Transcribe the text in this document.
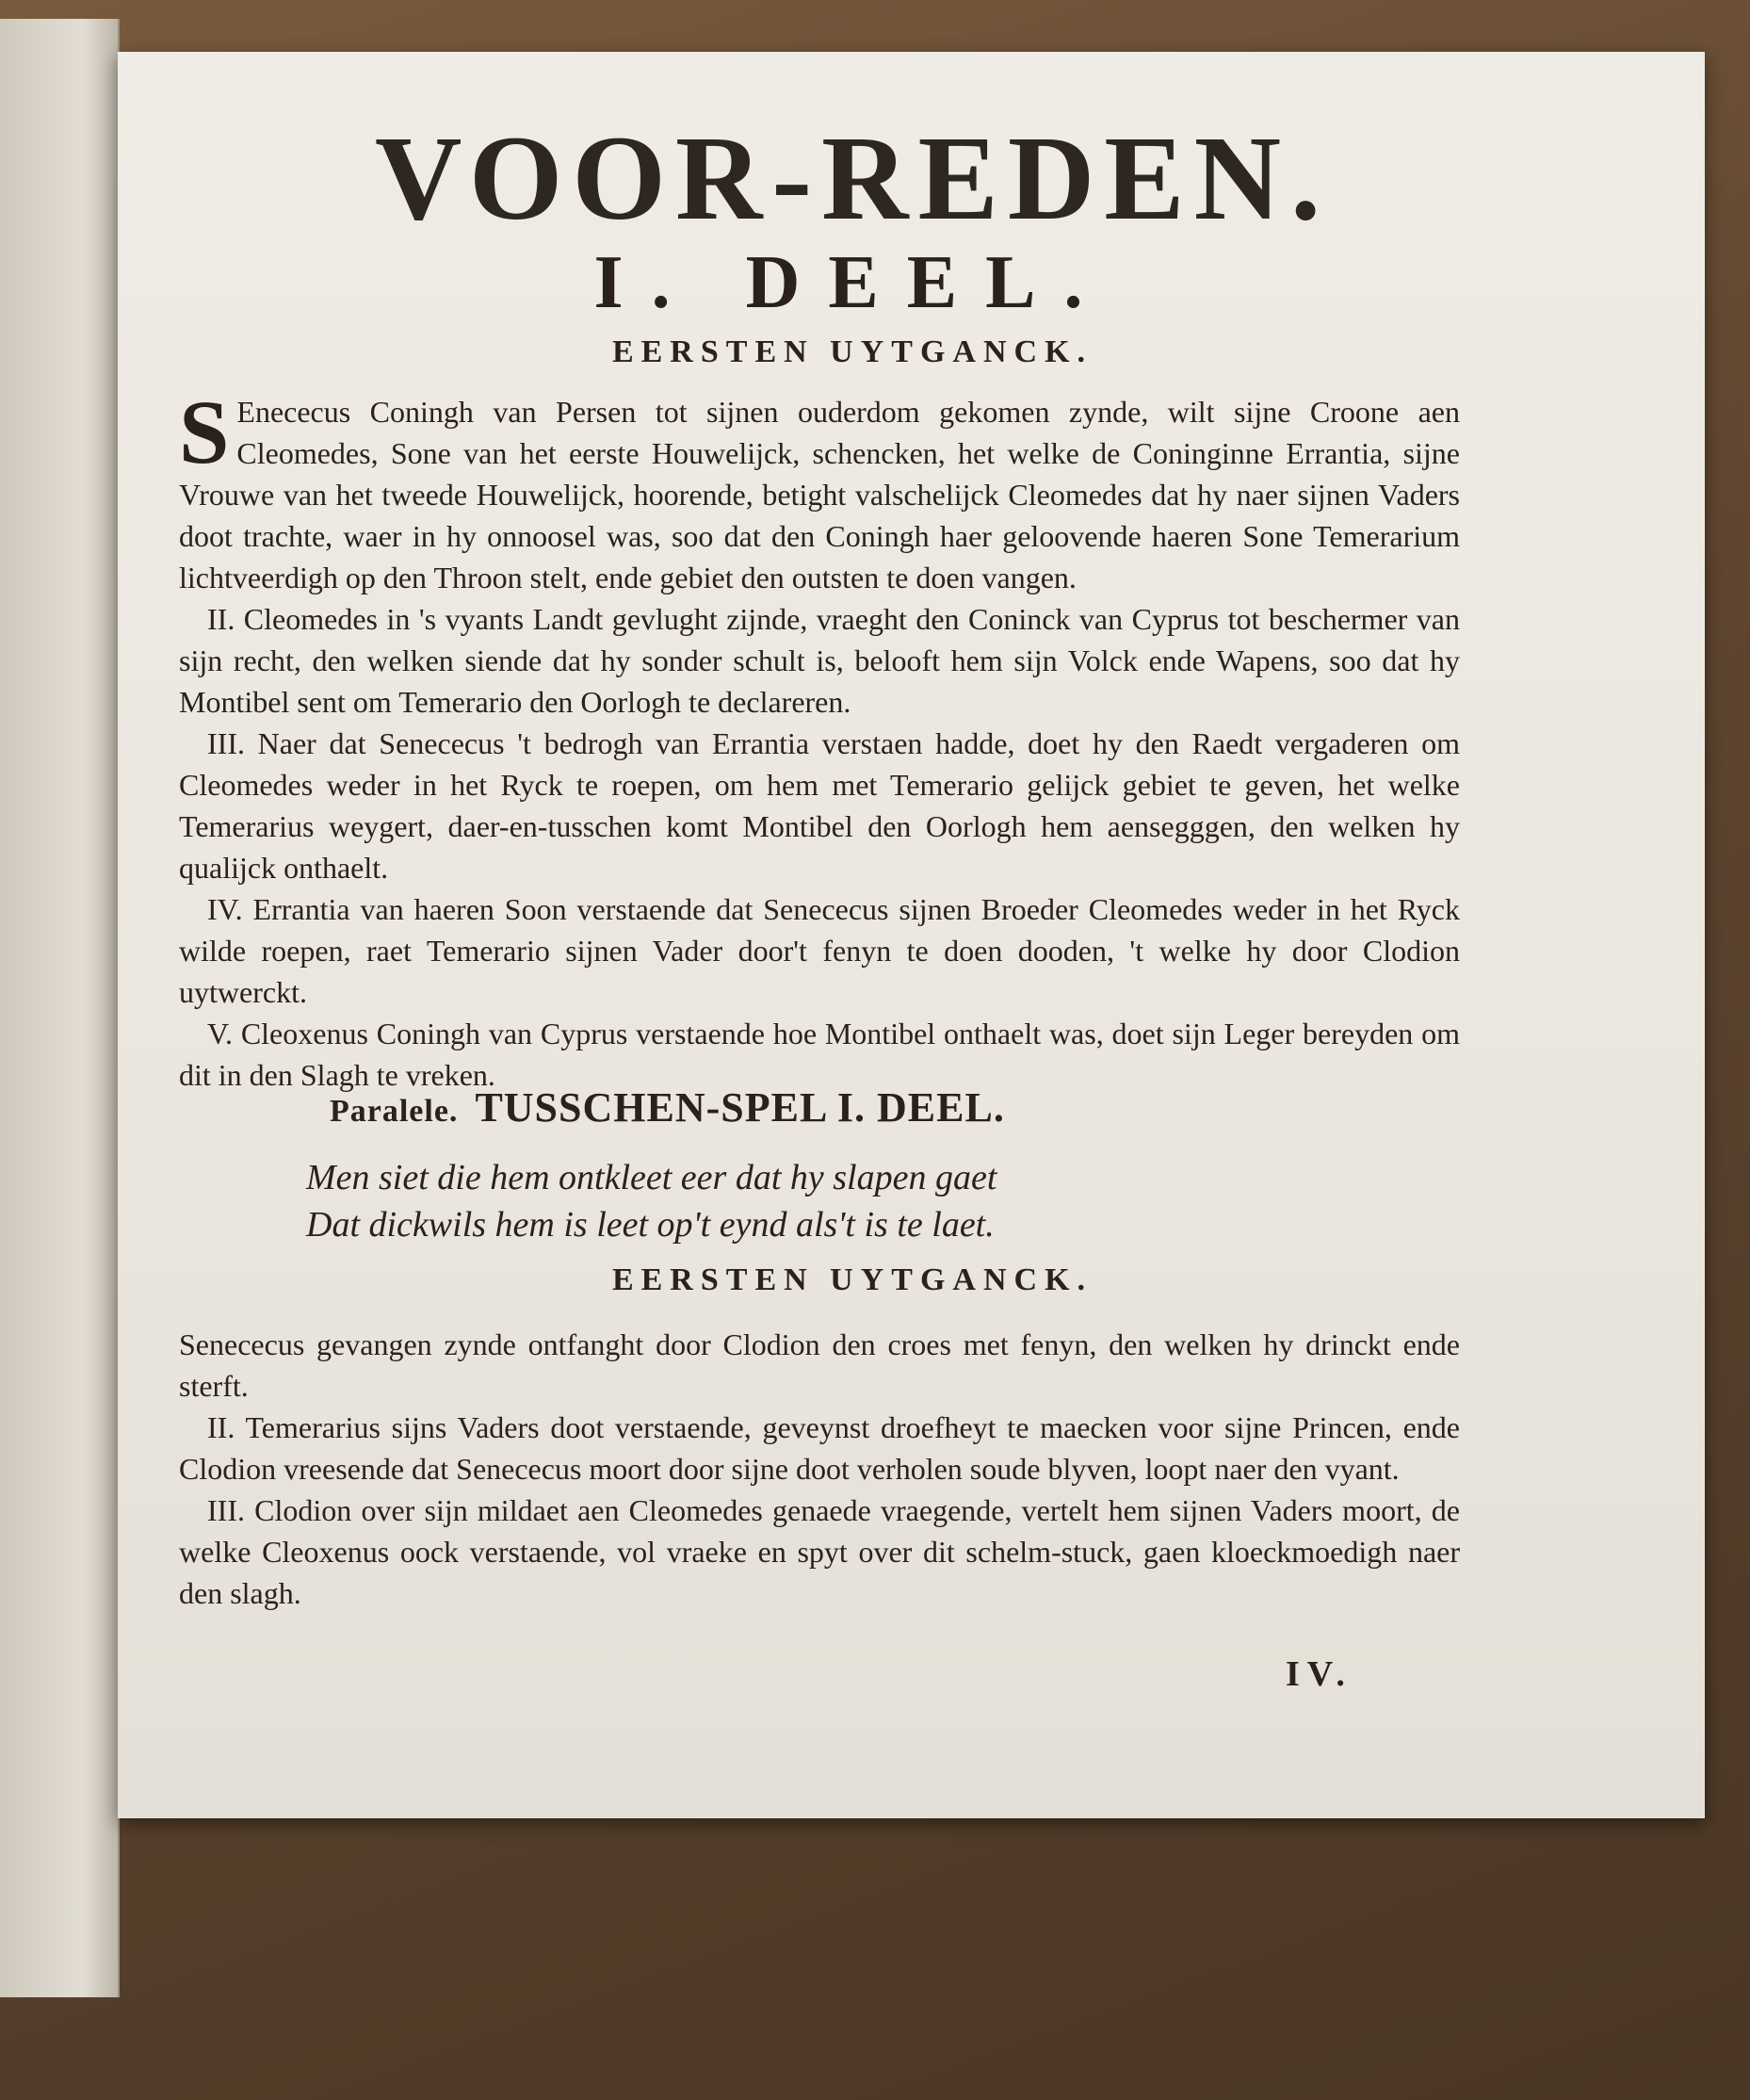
VOOR-REDEN.
I. DEEL.
EERSTEN UYTGANCK.

S Enececus Coningh van Persen tot sijnen ouderdom gekomen zynde, wilt sijne Croone aen Cleomedes, Sone van het eerste Houwelijck, schencken, het welke de Coninginne Errantia, sijne Vrouwe van het tweede Houwelijck, hoorende, betight valschelijck Cleomedes dat hy naer sijnen Vaders doot trachte, waer in hy onnoosel was, soo dat den Coningh haer geloovende haeren Sone Temerarium lichtveerdigh op den Throon stelt, ende gebiet den outsten te doen vangen.

II. Cleomedes in 's vyants Landt gevlught zijnde, vraeght den Coninck van Cyprus tot beschermer van sijn recht, den welken siende dat hy sonder schult is, belooft hem sijn Volck ende Wapens, soo dat hy Montibel sent om Temerario den Oorlogh te declareren.

III. Naer dat Senececus 't bedrogh van Errantia verstaen hadde, doet hy den Raedt vergaderen om Cleomedes weder in het Ryck te roepen, om hem met Temerario gelijck gebiet te geven, het welke Temerarius weygert, daer-en-tusschen komt Montibel den Oorlogh hem aensegggen, den welken hy qualijck onthaelt.

IV. Errantia van haeren Soon verstaende dat Senececus sijnen Broeder Cleomedes weder in het Ryck wilde roepen, raet Temerario sijnen Vader door't fenyn te doen dooden, 't welke hy door Clodion uytwerckt.

V. Cleoxenus Coningh van Cyprus verstaende hoe Montibel onthaelt was, doet sijn Leger bereyden om dit in den Slagh te vreken.

Paralele. TUSSCHEN-SPEL I. DEEL.

Men siet die hem ontkleet eer dat hy slapen gaet

Dat dickwils hem is leet op't eynd als't is te laet.

EERSTEN UYTGANCK.

Senececus gevangen zynde ontfanght door Clodion den croes met fenyn, den welken hy drinckt ende sterft.

II. Temerarius sijns Vaders doot verstaende, geveynst droefheyt te maecken voor sijne Princen, ende Clodion vreesende dat Senececus moort door sijne doot verholen soude blyven, loopt naer den vyant.

III. Clodion over sijn mildaet aen Cleomedes genaede vraegende, vertelt hem sijnen Vaders moort, de welke Cleoxenus oock verstaende, vol vraeke en spyt over dit schelm-stuck, gaen kloeckmoedigh naer den slagh.

IV.
